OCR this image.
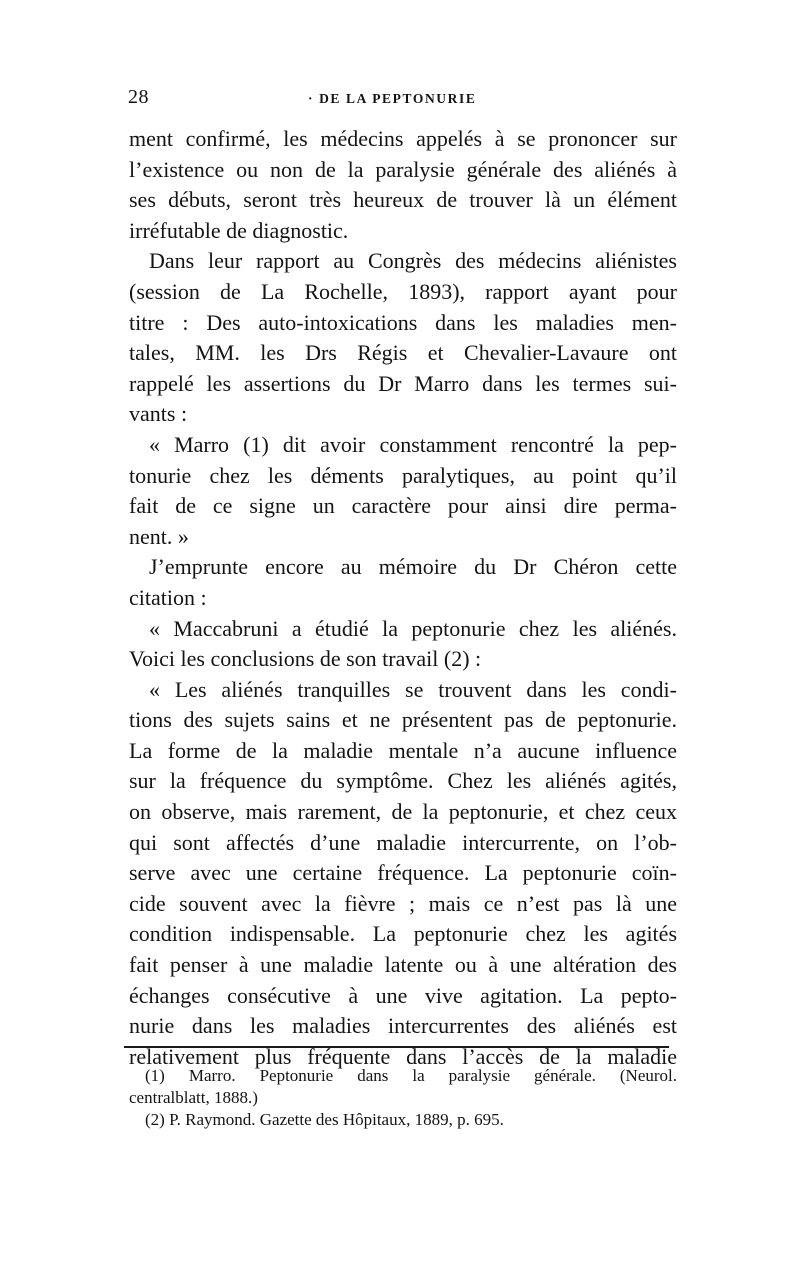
28	· DE LA PEPTONURIE
ment confirmé, les médecins appelés à se prononcer sur
l’existence ou non de la paralysie générale des aliénés à
ses débuts, seront très heureux de trouver là un élément
irréfutable de diagnostic.
Dans leur rapport au Congrès des médecins aliénistes
(session de La Rochelle, 1893), rapport ayant pour
titre : Des auto-intoxications dans les maladies men-
tales, MM. les Drs Régis et Chevalier-Lavaure ont
rappelé les assertions du Dr Marro dans les termes sui-
vants :
« Marro (1) dit avoir constamment rencontré la pep-
tonurie chez les déments paralytiques, au point qu’il
fait de ce signe un caractère pour ainsi dire perma-
nent. »
J’emprunte encore au mémoire du Dr Chéron cette
citation :
« Maccabruni a étudié la peptonurie chez les aliénés.
Voici les conclusions de son travail (2) :
« Les aliénés tranquilles se trouvent dans les condi-
tions des sujets sains et ne présentent pas de peptonurie.
La forme de la maladie mentale n’a aucune influence
sur la fréquence du symptôme. Chez les aliénés agités,
on observe, mais rarement, de la peptonurie, et chez ceux
qui sont affectés d’une maladie intercurrente, on l’ob-
serve avec une certaine fréquence. La peptonurie coïn-
cide souvent avec la fièvre ; mais ce n’est pas là une
condition indispensable. La peptonurie chez les agités
fait penser à une maladie latente ou à une altération des
échanges consécutive à une vive agitation. La pepto-
nurie dans les maladies intercurrentes des aliénés est
relativement plus fréquente dans l’accès de la maladie
(1) Marro. Peptonurie dans la paralysie générale. (Neurol.
centralblatt, 1888.)
(2) P. Raymond. Gazette des Hôpitaux, 1889, p. 695.
